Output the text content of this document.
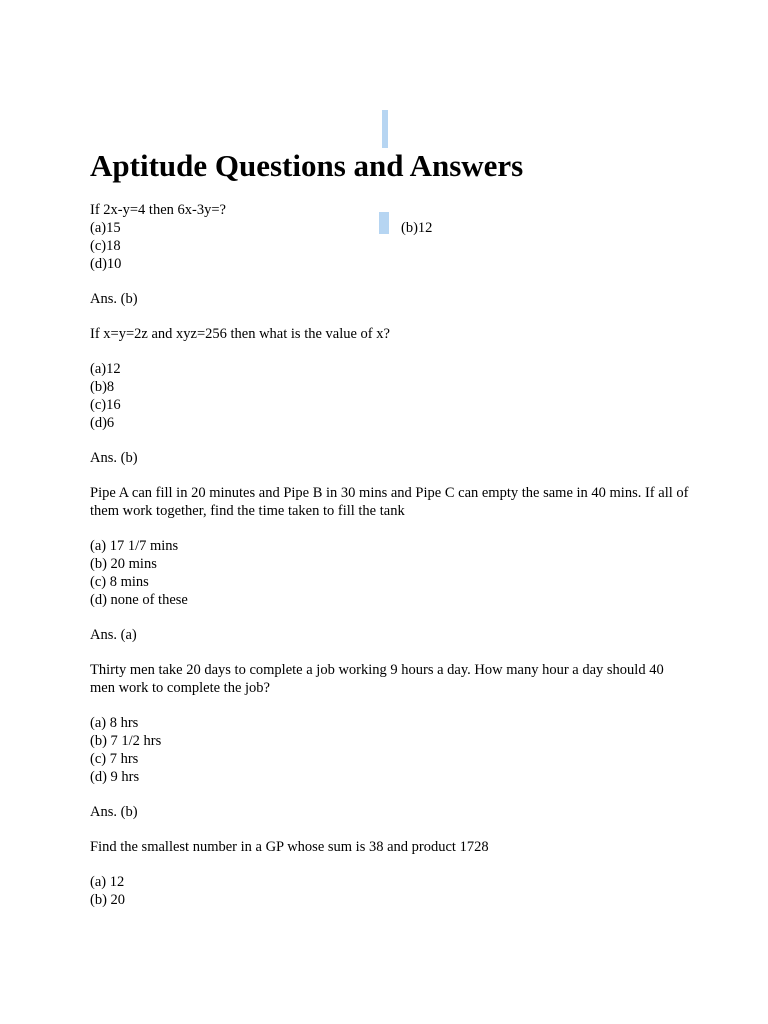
Aptitude Questions and Answers
If 2x-y=4 then 6x-3y=?
(a)15	(b)12
(c)18
(d)10
Ans. (b)
If x=y=2z and xyz=256 then what is the value of x?
(a)12
(b)8
(c)16
(d)6
Ans. (b)
Pipe A can fill in 20 minutes and Pipe B in 30 mins and Pipe C can empty the same in 40 mins. If all of them work together, find the time taken to fill the tank
(a) 17 1/7 mins
(b) 20 mins
(c) 8 mins
(d) none of these
Ans. (a)
Thirty men take 20 days to complete a job working 9 hours a day. How many hour a day should 40 men work to complete the job?
(a) 8 hrs
(b) 7 1/2 hrs
(c) 7 hrs
(d) 9 hrs
Ans. (b)
Find the smallest number in a GP whose sum is 38 and product 1728
(a) 12
(b) 20
